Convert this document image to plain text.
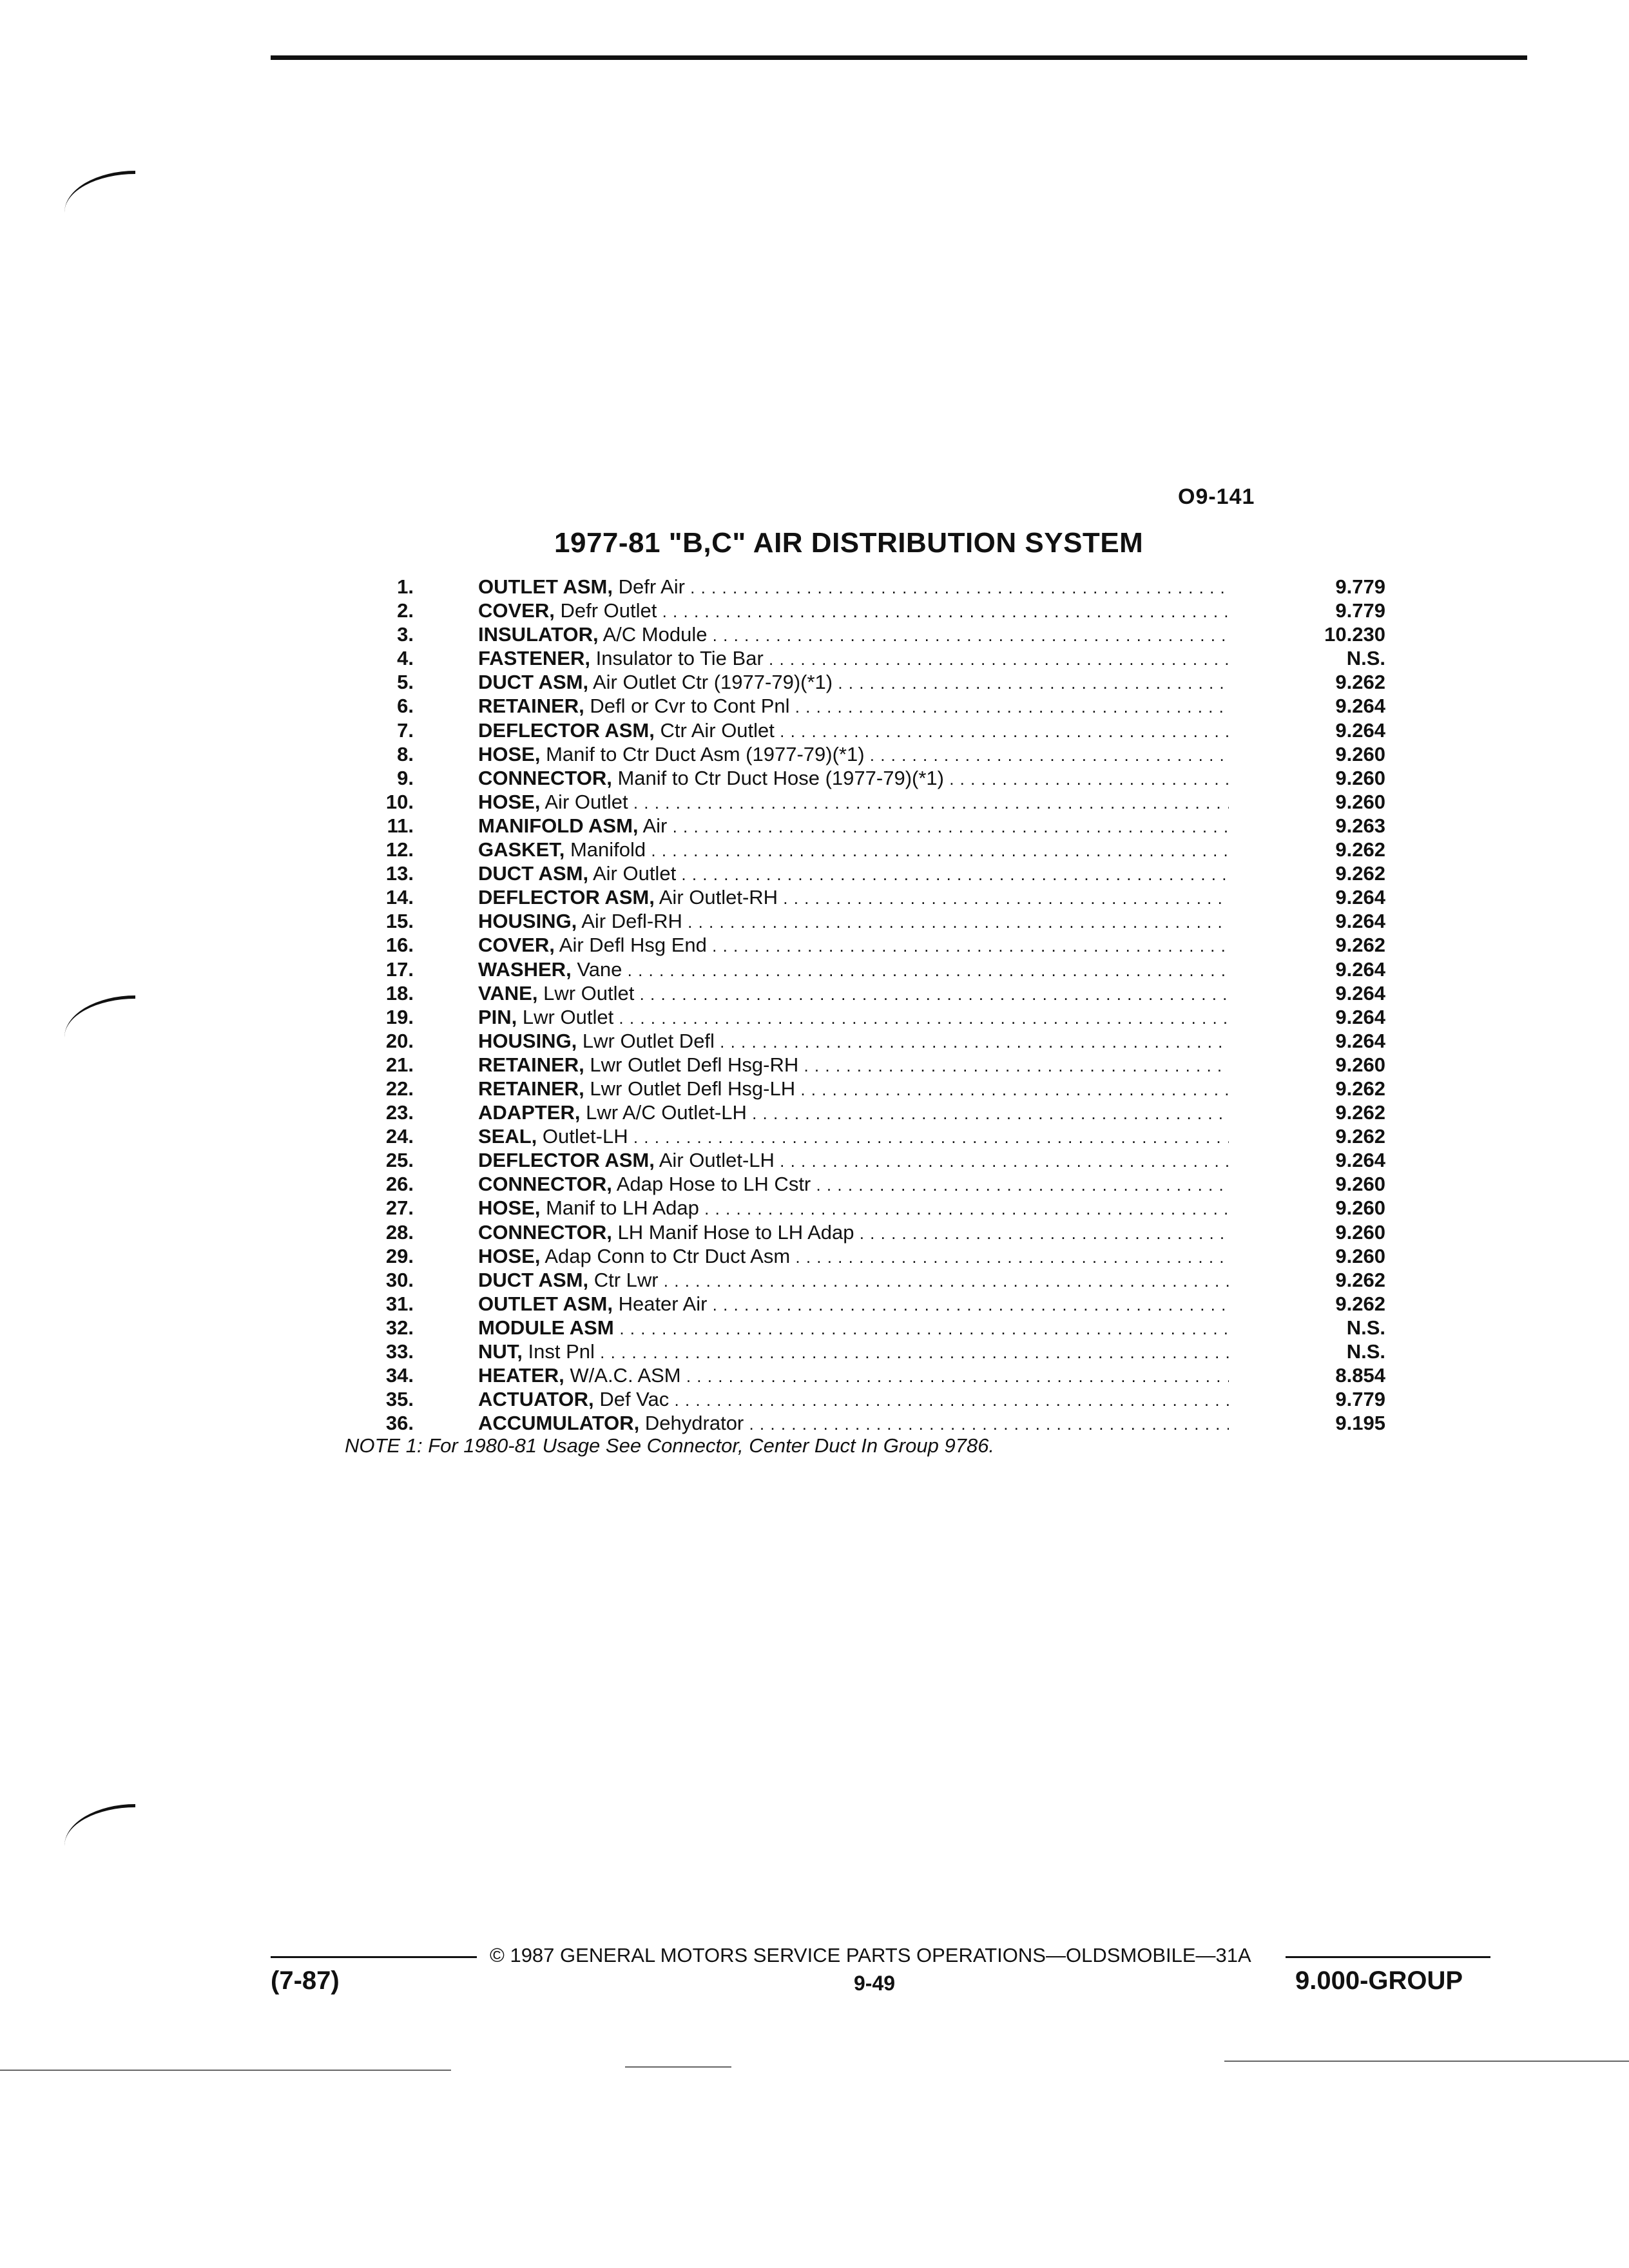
O9-141
1977-81 "B,C" AIR DISTRIBUTION SYSTEM
1.	OUTLET ASM, Defr Air . . .	9.779
2.	COVER, Defr Outlet . . .	9.779
3.	INSULATOR, A/C Module . . .	10.230
4.	FASTENER, Insulator to Tie Bar . . .	N.S.
5.	DUCT ASM, Air Outlet Ctr (1977-79)(*1) . . .	9.262
6.	RETAINER, Defl or Cvr to Cont Pnl . . .	9.264
7.	DEFLECTOR ASM, Ctr Air Outlet . . .	9.264
8.	HOSE, Manif to Ctr Duct Asm (1977-79)(*1) . . .	9.260
9.	CONNECTOR, Manif to Ctr Duct Hose (1977-79)(*1) . . .	9.260
10.	HOSE, Air Outlet . . .	9.260
11.	MANIFOLD ASM, Air . . .	9.263
12.	GASKET, Manifold . . .	9.262
13.	DUCT ASM, Air Outlet . . .	9.262
14.	DEFLECTOR ASM, Air Outlet-RH . . .	9.264
15.	HOUSING, Air Defl-RH . . .	9.264
16.	COVER, Air Defl Hsg End . . .	9.262
17.	WASHER, Vane . . .	9.264
18.	VANE, Lwr Outlet . . .	9.264
19.	PIN, Lwr Outlet . . .	9.264
20.	HOUSING, Lwr Outlet Defl . . .	9.264
21.	RETAINER, Lwr Outlet Defl Hsg-RH . . .	9.260
22.	RETAINER, Lwr Outlet Defl Hsg-LH . . .	9.262
23.	ADAPTER, Lwr A/C Outlet-LH . . .	9.262
24.	SEAL, Outlet-LH . . .	9.262
25.	DEFLECTOR ASM, Air Outlet-LH . . .	9.264
26.	CONNECTOR, Adap Hose to LH Cstr . . .	9.260
27.	HOSE, Manif to LH Adap . . .	9.260
28.	CONNECTOR, LH Manif Hose to LH Adap . . .	9.260
29.	HOSE, Adap Conn to Ctr Duct Asm . . .	9.260
30.	DUCT ASM, Ctr Lwr . . .	9.262
31.	OUTLET ASM, Heater Air . . .	9.262
32.	MODULE ASM . . .	N.S.
33.	NUT, Inst Pnl . . .	N.S.
34.	HEATER, W/A.C. ASM . . .	8.854
35.	ACTUATOR, Def Vac . . .	9.779
36.	ACCUMULATOR, Dehydrator . . .	9.195
NOTE 1: For 1980-81 Usage See Connector, Center Duct In Group 9786.
© 1987 GENERAL MOTORS SERVICE PARTS OPERATIONS—OLDSMOBILE—31A
(7-87)	9-49	9.000-GROUP
